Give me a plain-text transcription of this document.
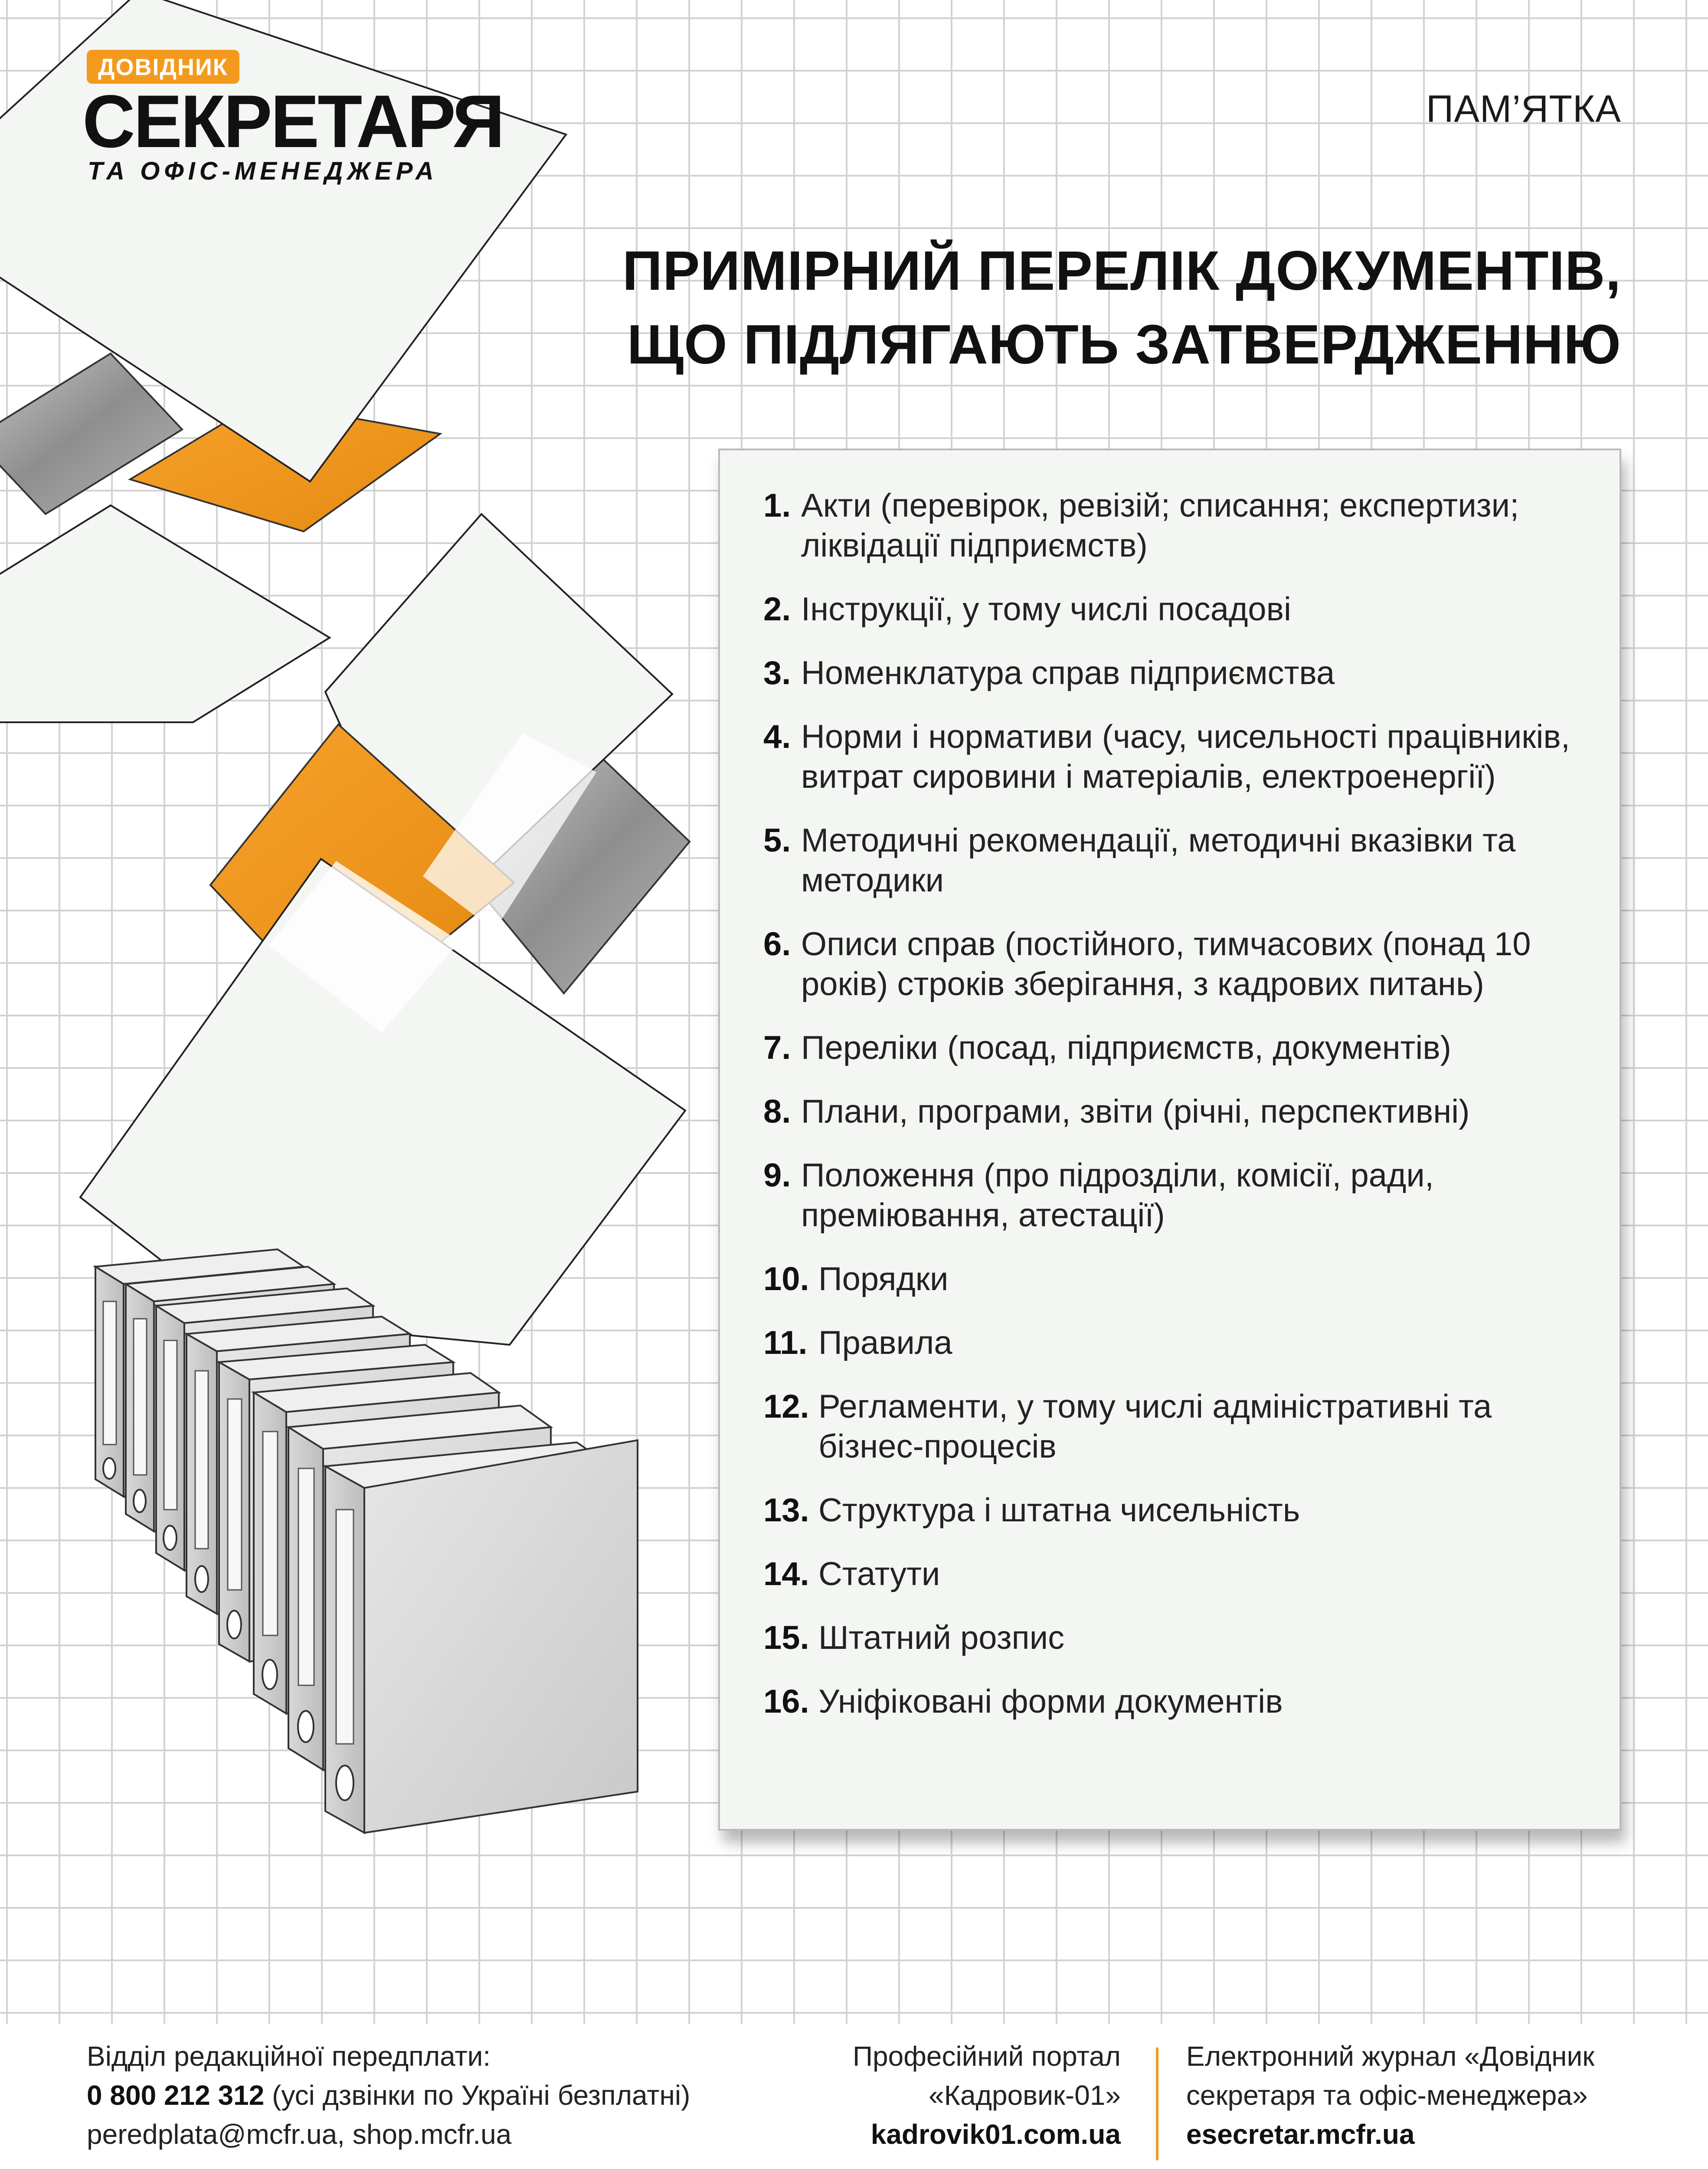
ДОВІДНИК
СЕКРЕТАРЯ
ТА ОФІС-МЕНЕДЖЕРА
ПАМ’ЯТКА
ПРИМІРНИЙ ПЕРЕЛІК ДОКУМЕНТІВ,
ЩО ПІДЛЯГАЮТЬ ЗАТВЕРДЖЕННЮ
1. Акти (перевірок, ревізій; списання; експертизи; ліквідації підприємств)
2. Інструкції, у тому числі посадові
3. Номенклатура справ підприємства
4. Норми і нормативи (часу, чисельності працівників, витрат сировини і матеріалів, електроенергії)
5. Методичні рекомендації, методичні вказівки та методики
6. Описи справ (постійного, тимчасових (понад 10 років) строків зберігання, з кадрових питань)
7. Переліки (посад, підприємств, документів)
8. Плани, програми, звіти (річні, перспективні)
9. Положення (про підрозділи, комісії, ради, преміювання, атестації)
10. Порядки
11. Правила
12. Регламенти, у тому числі адміністративні та бізнес-процесів
13. Структура і штатна чисельність
14. Статути
15. Штатний розпис
16. Уніфіковані форми документів
Відділ редакційної передплати:
0 800 212 312 (усі дзвінки по Україні безплатні)
peredplata@mcfr.ua, shop.mcfr.ua
Професійний портал
«Кадровик-01»
kadrovik01.com.ua
Електронний журнал «Довідник
секретаря та офіс-менеджера»
esecretar.mcfr.ua
